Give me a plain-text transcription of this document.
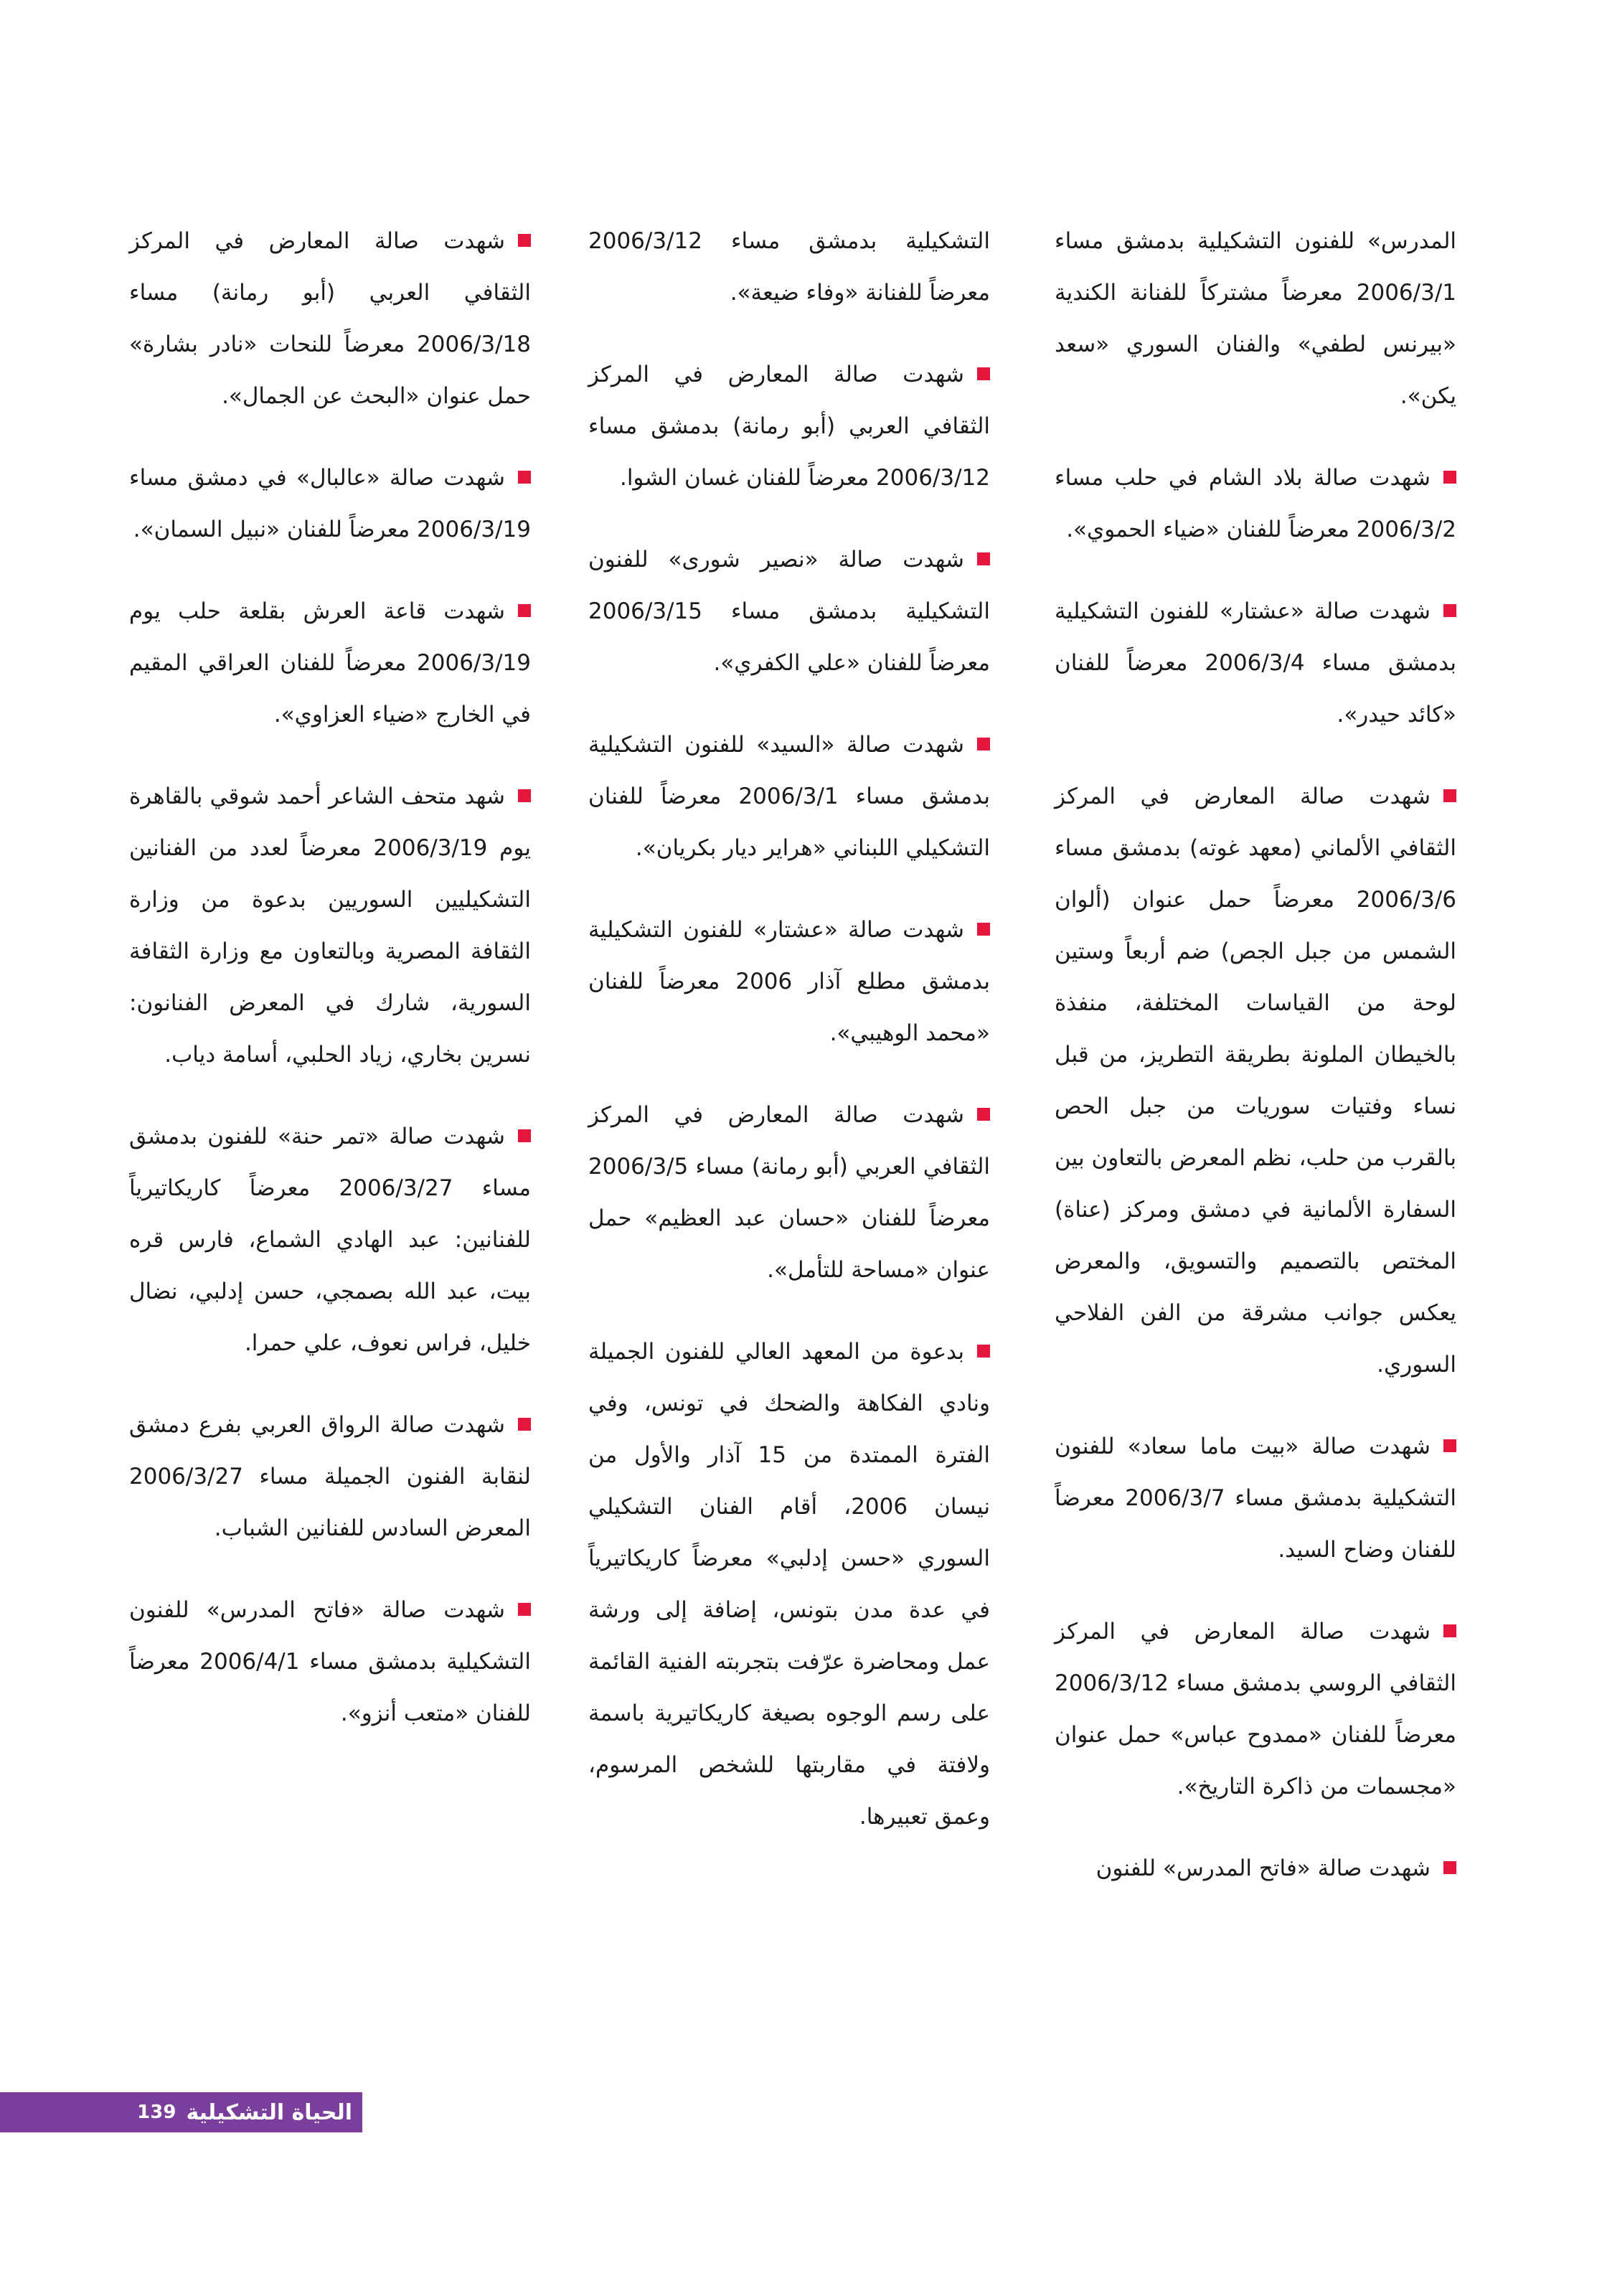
المدرس» للفنون التشكيلية بدمشق مساء 2006/3/1 معرضاً مشتركاً للفنانة الكندية «بيرنس لطفي» والفنان السوري «سعد يكن».

شهدت صالة بلاد الشام في حلب مساء 2006/3/2 معرضاً للفنان «ضياء الحموي».

شهدت صالة «عشتار» للفنون التشكيلية بدمشق مساء 2006/3/4 معرضاً للفنان «كائد حيدر».

شهدت صالة المعارض في المركز الثقافي الألماني (معهد غوته) بدمشق مساء 2006/3/6 معرضاً حمل عنوان (ألوان الشمس من جبل الجص) ضم أربعاً وستين لوحة من القياسات المختلفة، منفذة بالخيطان الملونة بطريقة التطريز، من قبل نساء وفتيات سوريات من جبل الحص بالقرب من حلب، نظم المعرض بالتعاون بين السفارة الألمانية في دمشق ومركز (عناة) المختص بالتصميم والتسويق، والمعرض يعكس جوانب مشرقة من الفن الفلاحي السوري.

شهدت صالة «بيت ماما سعاد» للفنون التشكيلية بدمشق مساء 2006/3/7 معرضاً للفنان وضاح السيد.

شهدت صالة المعارض في المركز الثقافي الروسي بدمشق مساء 2006/3/12 معرضاً للفنان «ممدوح عباس» حمل عنوان «مجسمات من ذاكرة التاريخ».

شهدت صالة «فاتح المدرس» للفنون

التشكيلية بدمشق مساء 2006/3/12 معرضاً للفنانة «وفاء ضيعة».

شهدت صالة المعارض في المركز الثقافي العربي (أبو رمانة) بدمشق مساء 2006/3/12 معرضاً للفنان غسان الشوا.

شهدت صالة «نصير شورى» للفنون التشكيلية بدمشق مساء 2006/3/15 معرضاً للفنان «علي الكفري».

شهدت صالة «السيد» للفنون التشكيلية بدمشق مساء 2006/3/1 معرضاً للفنان التشكيلي اللبناني «هراير ديار بكريان».

شهدت صالة «عشتار» للفنون التشكيلية بدمشق مطلع آذار 2006 معرضاً للفنان «محمد الوهيبي».

شهدت صالة المعارض في المركز الثقافي العربي (أبو رمانة) مساء 2006/3/5 معرضاً للفنان «حسان عبد العظيم» حمل عنوان «مساحة للتأمل».

بدعوة من المعهد العالي للفنون الجميلة ونادي الفكاهة والضحك في تونس، وفي الفترة الممتدة من 15 آذار والأول من نيسان 2006، أقام الفنان التشكيلي السوري «حسن إدلبي» معرضاً كاريكاتيرياً في عدة مدن بتونس، إضافة إلى ورشة عمل ومحاضرة عرّفت بتجربته الفنية القائمة على رسم الوجوه بصيغة كاريكاتيرية باسمة ولافتة في مقاربتها للشخص المرسوم، وعمق تعبيرها.

شهدت صالة المعارض في المركز الثقافي العربي (أبو رمانة) مساء 2006/3/18 معرضاً للنحات «نادر بشارة» حمل عنوان «البحث عن الجمال».

شهدت صالة «عالبال» في دمشق مساء 2006/3/19 معرضاً للفنان «نبيل السمان».

شهدت قاعة العرش بقلعة حلب يوم 2006/3/19 معرضاً للفنان العراقي المقيم في الخارج «ضياء العزاوي».

شهد متحف الشاعر أحمد شوقي بالقاهرة يوم 2006/3/19 معرضاً لعدد من الفنانين التشكيليين السوريين بدعوة من وزارة الثقافة المصرية وبالتعاون مع وزارة الثقافة السورية، شارك في المعرض الفنانون: نسرين بخاري، زياد الحلبي، أسامة دياب.

شهدت صالة «تمر حنة» للفنون بدمشق مساء 2006/3/27 معرضاً كاريكاتيرياً للفنانين: عبد الهادي الشماع، فارس قره بيت، عبد الله بصمجي، حسن إدلبي، نضال خليل، فراس نعوف، علي حمرا.

شهدت صالة الرواق العربي بفرع دمشق لنقابة الفنون الجميلة مساء 2006/3/27 المعرض السادس للفنانين الشباب.

شهدت صالة «فاتح المدرس» للفنون التشكيلية بدمشق مساء 2006/4/1 معرضاً للفنان «متعب أنزو».

الحياة التشكيلية
139
